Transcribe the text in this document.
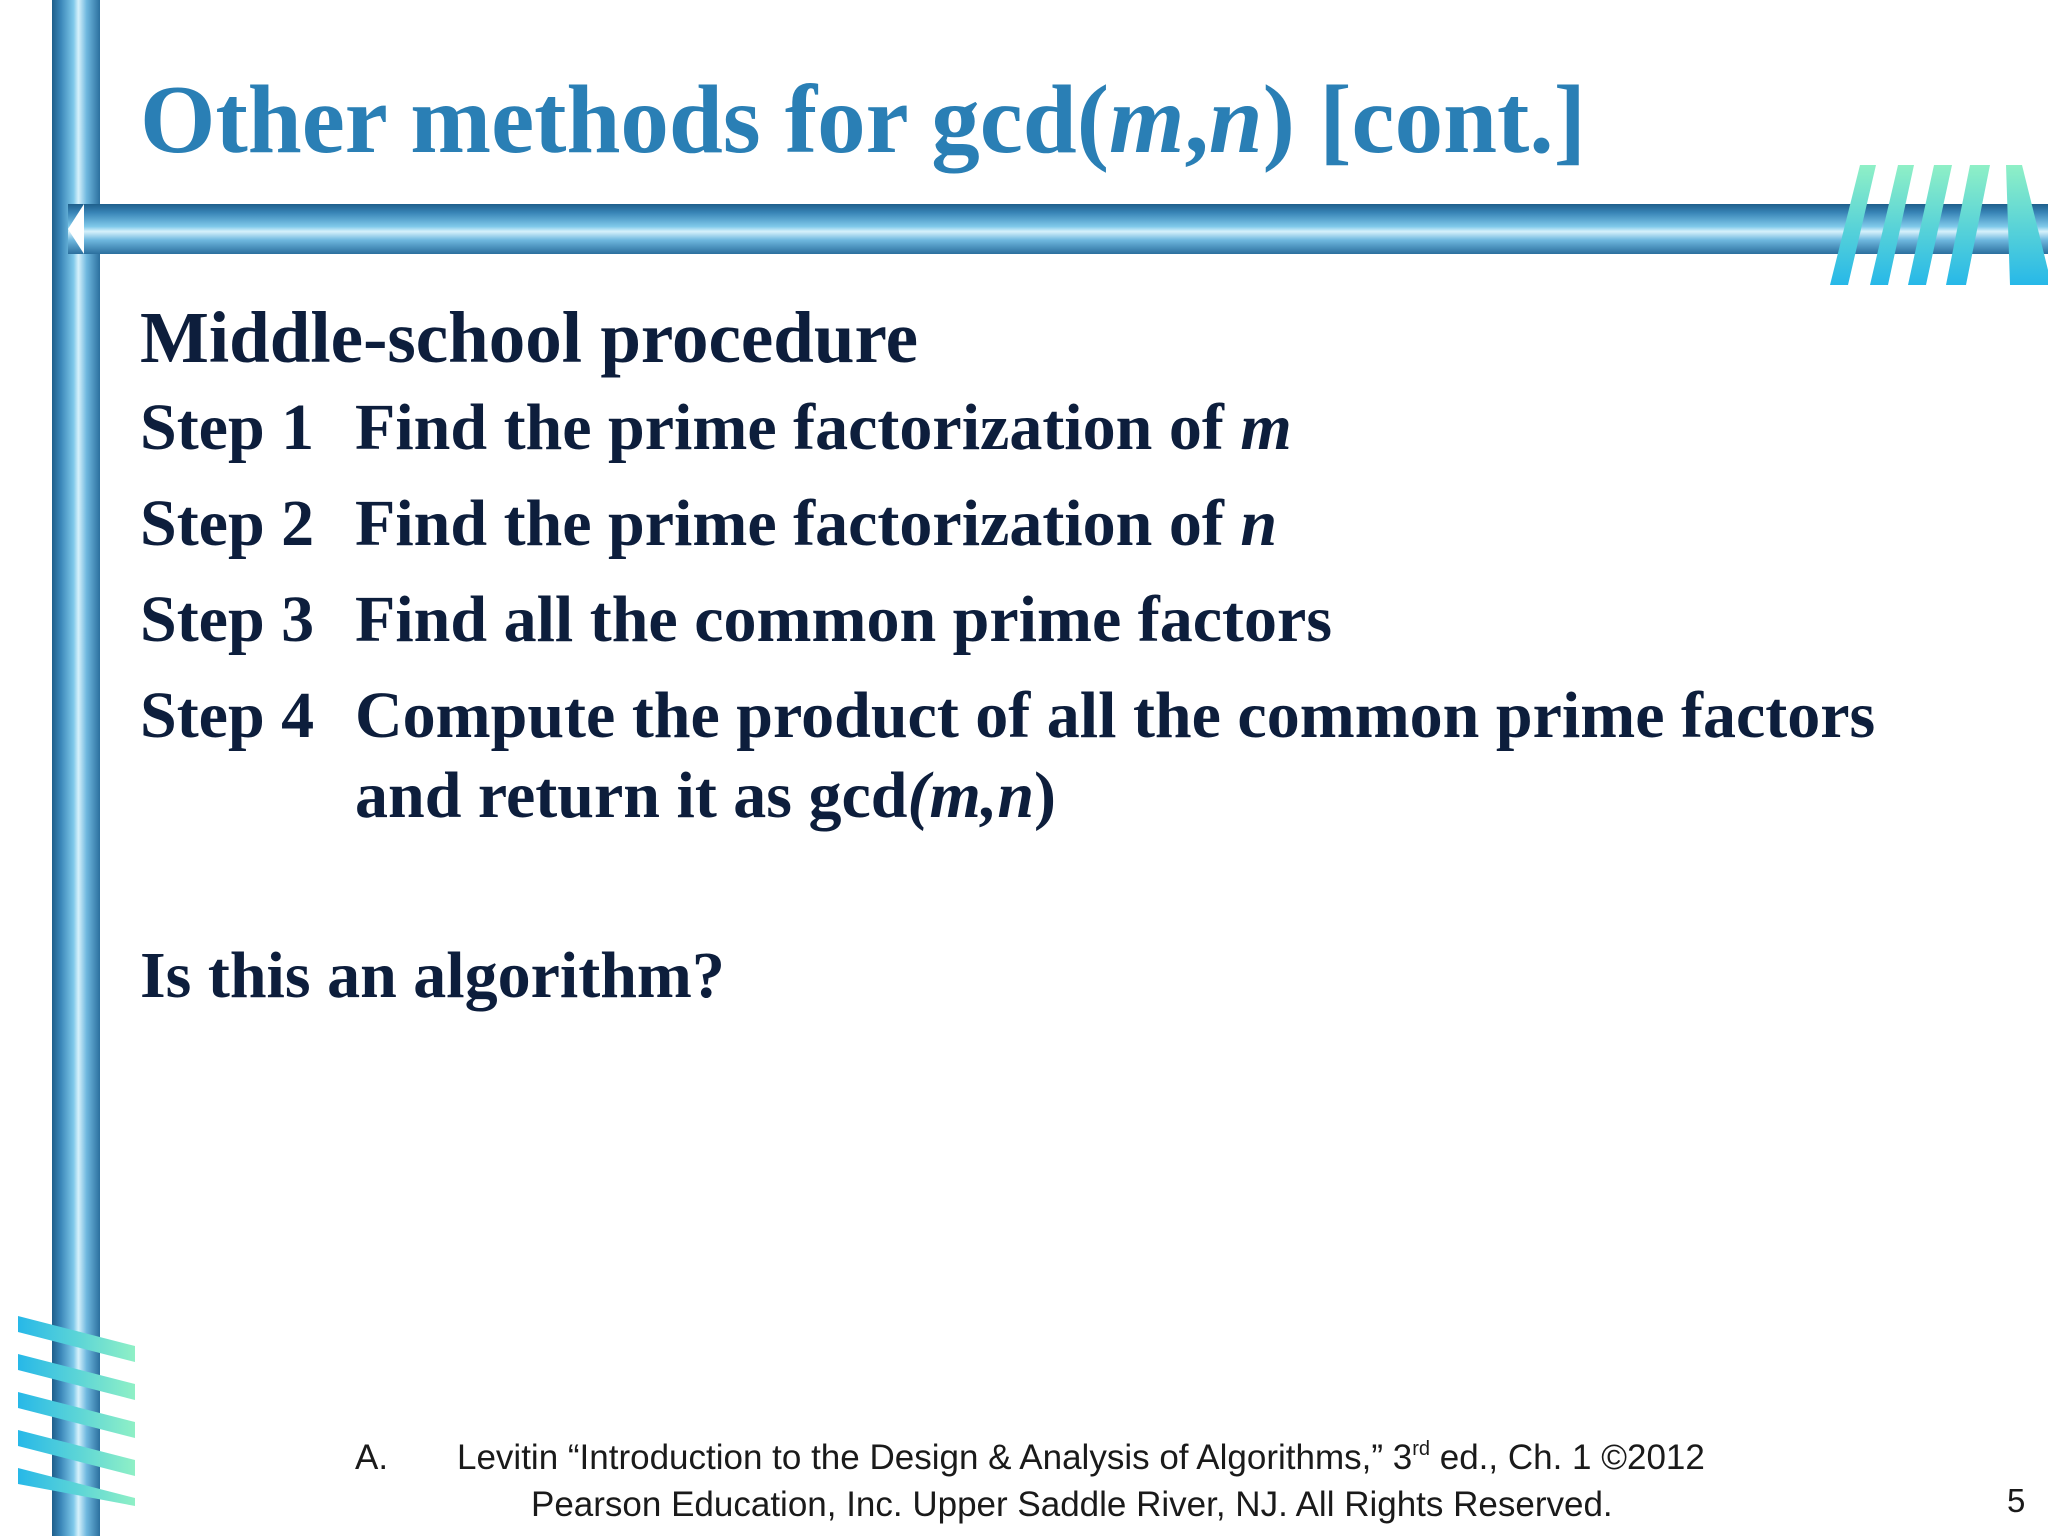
Other methods for gcd(m,n) [cont.]

Middle-school procedure

Step 1 Find the prime factorization of m
Step 2 Find the prime factorization of n
Step 3 Find all the common prime factors
Step 4 Compute the product of all the common prime factors
and return it as gcd(m,n)
Is this an algorithm?
A. Levitin “Introduction to the Design & Analysis of Algorithms,” 3rd ed., Ch. 1 ©2012
Pearson Education, Inc. Upper Saddle River, NJ. All Rights Reserved.	5
